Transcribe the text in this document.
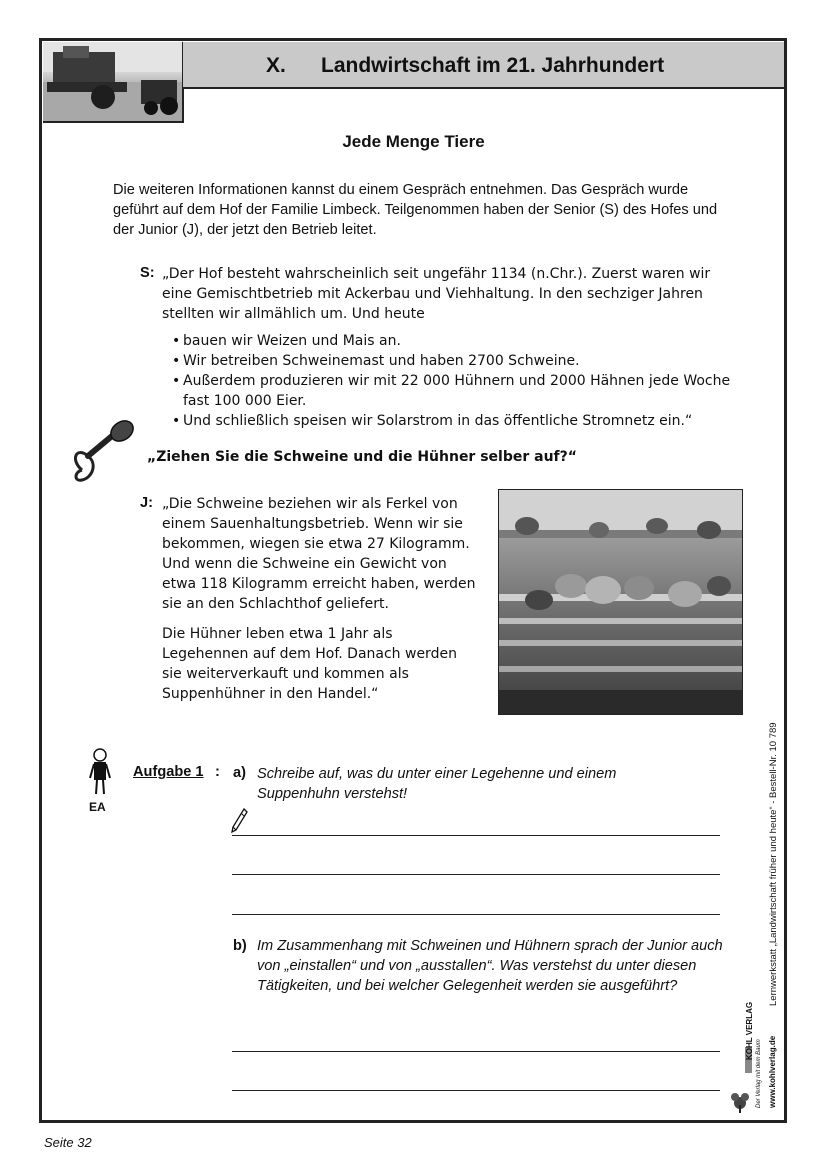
X. Landwirtschaft im 21. Jahrhundert
Jede Menge Tiere
Die weiteren Informationen kannst du einem Gespräch entnehmen. Das Gespräch wurde geführt auf dem Hof der Familie Limbeck. Teilgenommen haben der Senior (S) des Hofes und der Junior (J), der jetzt den Betrieb leitet.
S: „Der Hof besteht wahrscheinlich seit ungefähr 1134 (n.Chr.). Zuerst waren wir eine Gemischtbetrieb mit Ackerbau und Viehhaltung. In den sechziger Jahren stellten wir allmählich um. Und heute
• bauen wir Weizen und Mais an.
• Wir betreiben Schweinemast und haben 2700 Schweine.
• Außerdem produzieren wir mit 22 000 Hühnern und 2000 Hähnen jede Woche fast 100 000 Eier.
• Und schließlich speisen wir Solarstrom in das öffentliche Stromnetz ein.“
„Ziehen Sie die Schweine und die Hühner selber auf?“
J: „Die Schweine beziehen wir als Ferkel von einem Sauenhaltungsbetrieb. Wenn wir sie bekommen, wiegen sie etwa 27 Kilogramm. Und wenn die Schweine ein Gewicht von etwa 118 Kilogramm erreicht haben, werden sie an den Schlachthof geliefert.

Die Hühner leben etwa 1 Jahr als Legehennen auf dem Hof. Danach werden sie weiterverkauft und kommen als Suppenhühner in den Handel.“

EA
Aufgabe 1 : a) Schreibe auf, was du unter einer Legehenne und einem Suppenhuhn verstehst!
b) Im Zusammenhang mit Schweinen und Hühnern sprach der Junior auch von „einstallen“ und von „ausstallen“. Was verstehst du unter diesen Tätigkeiten, und bei welcher Gelegenheit werden sie ausgeführt?	Lernwerkstatt „Landwirtschaft früher und heute“ - Bestell-Nr. 10 789
KOHL VERLAG
Der Verlag mit dem Baum www.kohlverlag.de
Seite 32
